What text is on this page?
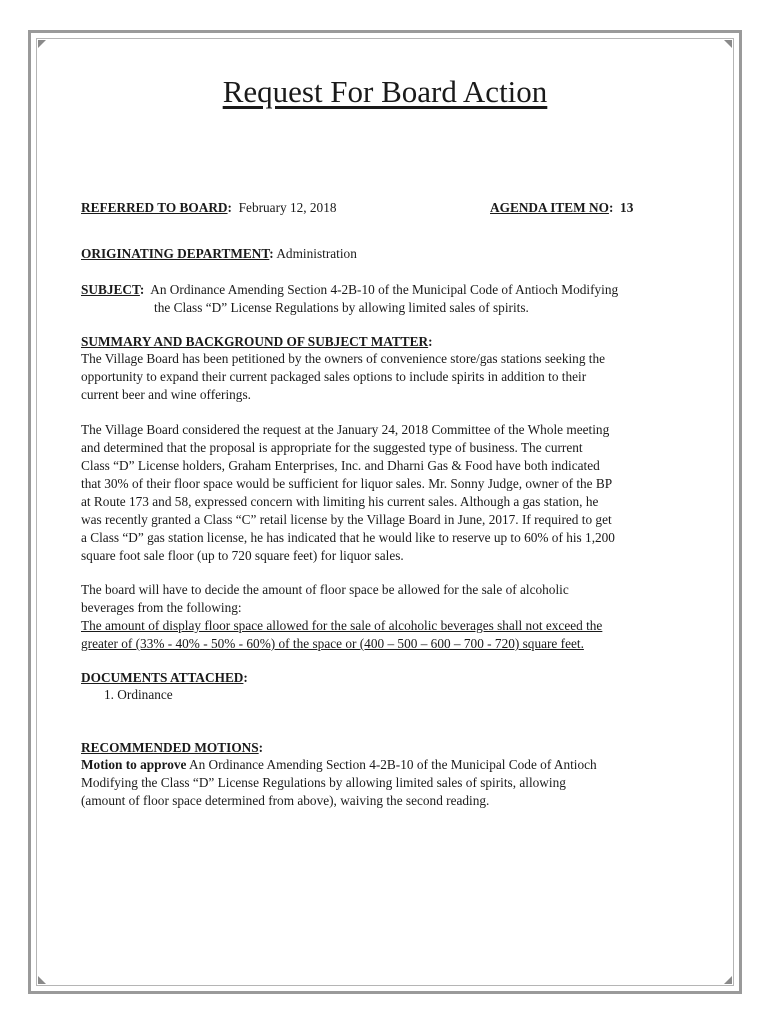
Request For Board Action
REFERRED TO BOARD: February 12, 2018	AGENDA ITEM NO: 13
ORIGINATING DEPARTMENT: Administration
SUBJECT: An Ordinance Amending Section 4-2B-10 of the Municipal Code of Antioch Modifying
the Class “D” License Regulations by allowing limited sales of spirits.
SUMMARY AND BACKGROUND OF SUBJECT MATTER:
The Village Board has been petitioned by the owners of convenience store/gas stations seeking the
opportunity to expand their current packaged sales options to include spirits in addition to their
current beer and wine offerings.
The Village Board considered the request at the January 24, 2018 Committee of the Whole meeting
and determined that the proposal is appropriate for the suggested type of business. The current
Class “D” License holders, Graham Enterprises, Inc. and Dharni Gas & Food have both indicated
that 30% of their floor space would be sufficient for liquor sales. Mr. Sonny Judge, owner of the BP
at Route 173 and 58, expressed concern with limiting his current sales. Although a gas station, he
was recently granted a Class “C” retail license by the Village Board in June, 2017. If required to get
a Class “D” gas station license, he has indicated that he would like to reserve up to 60% of his 1,200
square foot sale floor (up to 720 square feet) for liquor sales.
The board will have to decide the amount of floor space be allowed for the sale of alcoholic
beverages from the following:
The amount of display floor space allowed for the sale of alcoholic beverages shall not exceed the
greater of (33% - 40% - 50% - 60%) of the space or (400 – 500 – 600 – 700 - 720) square feet.
DOCUMENTS ATTACHED:
1. Ordinance
RECOMMENDED MOTIONS:
Motion to approve An Ordinance Amending Section 4-2B-10 of the Municipal Code of Antioch
Modifying the Class “D” License Regulations by allowing limited sales of spirits, allowing
(amount of floor space determined from above), waiving the second reading.
